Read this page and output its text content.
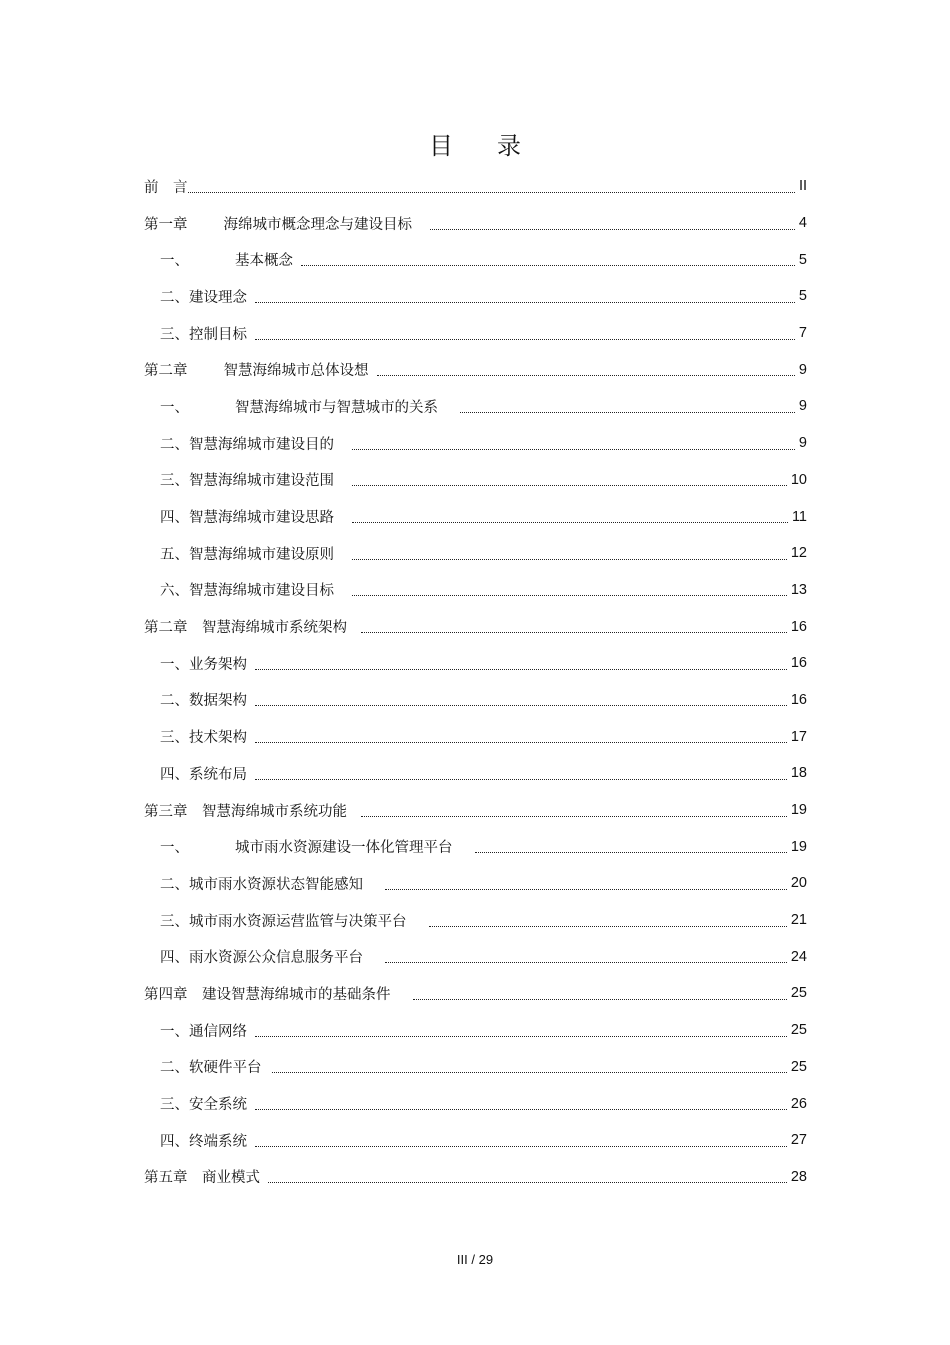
目 录
前　言	II
第一章 海绵城市概念理念与建设目标	4
一、	基本概念	5
二、建设理念	5
三、控制目标	7
第二章 智慧海绵城市总体设想	9
一、	智慧海绵城市与智慧城市的关系	9
二、智慧海绵城市建设目的	9
三、智慧海绵城市建设范围	10
四、智慧海绵城市建设思路	11
五、智慧海绵城市建设原则	12
六、智慧海绵城市建设目标	13
第二章　智慧海绵城市系统架构	16
一、业务架构	16
二、数据架构	16
三、技术架构	17
四、系统布局	18
第三章　智慧海绵城市系统功能	19
一、	城市雨水资源建设一体化管理平台	19
二、城市雨水资源状态智能感知	20
三、城市雨水资源运营监管与决策平台	21
四、雨水资源公众信息服务平台	24
第四章　建设智慧海绵城市的基础条件	25
一、通信网络	25
二、软硬件平台	25
三、安全系统	26
四、终端系统	27
第五章　商业模式	28
III / 29
